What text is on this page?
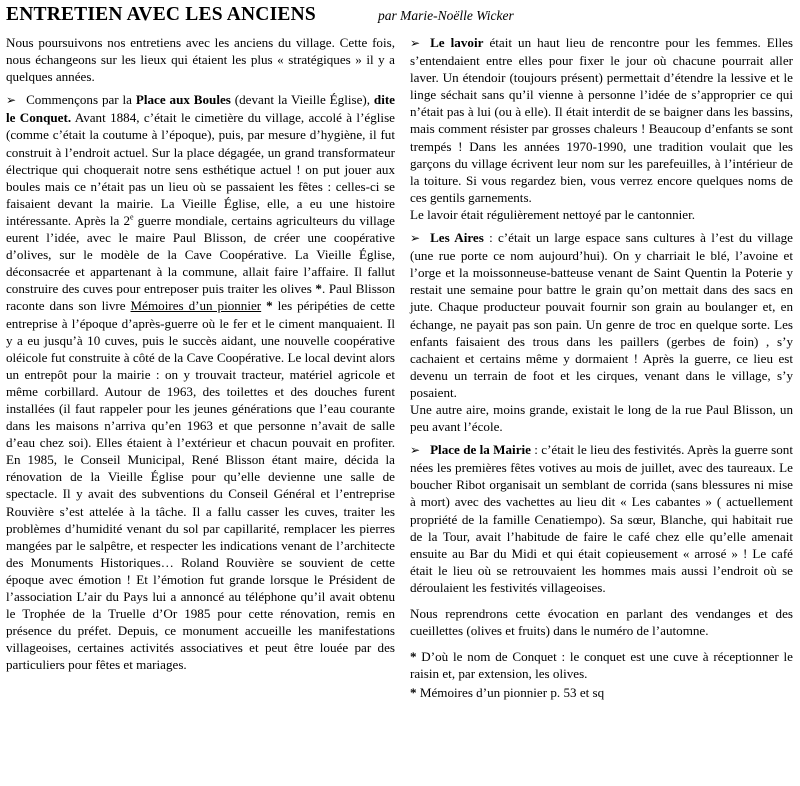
ENTRETIEN AVEC LES ANCIENS	par Marie-Noëlle Wicker

Nous poursuivons nos entretiens avec les anciens du village. Cette fois, nous échangeons sur les lieux qui étaient les plus « stratégiques » il y a quelques années.

➢ Commençons par la Place aux Boules (devant la Vieille Église), dite le Conquet. Avant 1884, c’était le cimetière du village, accolé à l’église (comme c’était la coutume à l’époque), puis, par mesure d’hygiène, il fut construit à l’endroit actuel. Sur la place dégagée, un grand transformateur électrique qui choquerait notre sens esthétique actuel ! on put jouer aux boules mais ce n’était pas un lieu où se passaient les fêtes : celles-ci se faisaient devant la mairie. La Vieille Église, elle, a eu une histoire intéressante. Après la 2e guerre mondiale, certains agriculteurs du village eurent l’idée, avec le maire Paul Blisson, de créer une coopérative d’olives, sur le modèle de la Cave Coopérative. La Vieille Église, déconsacrée et appartenant à la commune, allait faire l’affaire. Il fallut construire des cuves pour entreposer puis traiter les olives *. Paul Blisson raconte dans son livre Mémoires d’un pionnier * les péripéties de cette entreprise à l’époque d’après-guerre où le fer et le ciment manquaient. Il y a eu jusqu’à 10 cuves, puis le succès aidant, une nouvelle coopérative oléicole fut construite à côté de la Cave Coopérative. Le local devint alors un entrepôt pour la mairie : on y trouvait tracteur, matériel agricole et même corbillard. Autour de 1963, des toilettes et des douches furent installées (il faut rappeler pour les jeunes générations que l’eau courante dans les maisons n’arriva qu’en 1963 et que personne n’avait de salle d’eau chez soi). Elles étaient à l’extérieur et chacun pouvait en profiter. En 1985, le Conseil Municipal, René Blisson étant maire, décida la rénovation de la Vieille Église pour qu’elle devienne une salle de spectacle. Il y avait des subventions du Conseil Général et l’entreprise Rouvière s’est attelée à la tâche. Il a fallu casser les cuves, traiter les problèmes d’humidité venant du sol par capillarité, remplacer les pierres mangées par le salpêtre, et respecter les indications venant de l’architecte des Monuments Historiques… Roland Rouvière se souvient de cette époque avec émotion ! Et l’émotion fut grande lorsque le Président de l’association L’air du Pays lui a annoncé au téléphone qu’il avait obtenu le Trophée de la Truelle d’Or 1985 pour cette rénovation, remis en présence du préfet. Depuis, ce monument accueille les manifestations villageoises, certaines activités associatives et peut être louée par des particuliers pour fêtes et mariages.

➢ Le lavoir était un haut lieu de rencontre pour les femmes. Elles s’entendaient entre elles pour fixer le jour où chacune pourrait aller laver. Un étendoir (toujours présent) permettait d’étendre la lessive et le linge séchait sans qu’il vienne à personne l’idée de s’approprier ce qui n’était pas à lui (ou à elle). Il était interdit de se baigner dans les bassins, mais comment résister par grosses chaleurs ! Beaucoup d’enfants se sont trempés ! Dans les années 1970-1990, une tradition voulait que les garçons du village écrivent leur nom sur les parefeuilles, à l’intérieur de la toiture. Si vous regardez bien, vous verrez encore quelques noms de ces gentils garnements.

Le lavoir était régulièrement nettoyé par le cantonnier.

➢ Les Aires : c’était un large espace sans cultures à l’est du village (une rue porte ce nom aujourd’hui). On y charriait le blé, l’avoine et l’orge et la moissonneuse-batteuse venant de Saint Quentin la Poterie y restait une semaine pour battre le grain qu’on mettait dans des sacs en jute. Chaque producteur pouvait fournir son grain au boulanger et, en échange, ne payait pas son pain. Un genre de troc en quelque sorte. Les enfants faisaient des trous dans les paillers (gerbes de foin) , s’y cachaient et certains même y dormaient ! Après la guerre, ce lieu est devenu un terrain de foot et les cirques, venant dans le village, s’y posaient.

Une autre aire, moins grande, existait le long de la rue Paul Blisson, un peu avant l’école.

➢ Place de la Mairie : c’était le lieu des festivités. Après la guerre sont nées les premières fêtes votives au mois de juillet, avec des taureaux. Le boucher Ribot organisait un semblant de corrida (sans blessures ni mise à mort) avec des vachettes au lieu dit « Les cabantes » ( actuellement propriété de la famille Cenatiempo). Sa sœur, Blanche, qui habitait rue de la Tour, avait l’habitude de faire le café chez elle qu’elle amenait ensuite au Bar du Midi et qui était copieusement « arrosé » ! Le café était le lieu où se retrouvaient les hommes mais aussi l’endroit où se déroulaient les festivités villageoises.

Nous reprendrons cette évocation en parlant des vendanges et des cueillettes (olives et fruits) dans le numéro de l’automne.

* D’où le nom de Conquet : le conquet est une cuve à réceptionner le raisin et, par extension, les olives.

* Mémoires d’un pionnier p. 53 et sq
